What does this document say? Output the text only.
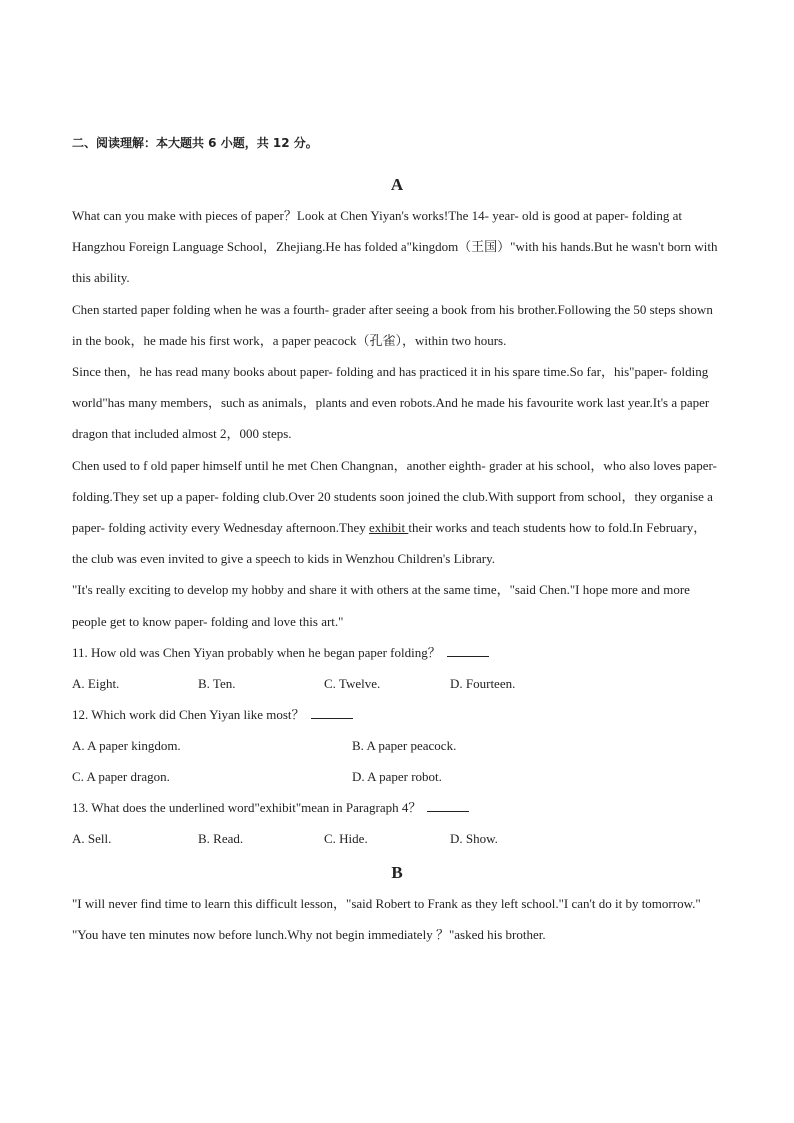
二、阅读理解：本大题共 6 小题，共 12 分。
A

What can you make with pieces of paper？Look at Chen Yiyan's works!The 14- year- old is good at paper- folding at Hangzhou Foreign Language School，Zhejiang.He has folded a"kingdom（王国）"with his hands.But he wasn't born with this ability.

Chen started paper folding when he was a fourth- grader after seeing a book from his brother.Following the 50 steps shown in the book，he made his first work，a paper peacock（孔雀），within two hours.

Since then，he has read many books about paper- folding and has practiced it in his spare time.So far，his"paper- folding world"has many members，such as animals，plants and even robots.And he made his favourite work last year.It's a paper dragon that included almost 2，000 steps.

Chen used to f old paper himself until he met Chen Changnan，another eighth- grader at his school，who also loves paper- folding.They set up a paper- folding club.Over 20 students soon joined the club.With support from school，they organise a paper- folding activity every Wednesday afternoon.They exhibit their works and teach students how to fold.In February，the club was even invited to give a speech to kids in Wenzhou Children's Library.

"It's really exciting to develop my hobby and share it with others at the same time，"said Chen."I hope more and more people get to know paper- folding and love this art."

11. How old was Chen Yiyan probably when he began paper folding？
A. Eight.	B. Ten.	C. Twelve.	D. Fourteen.
12. Which work did Chen Yiyan like most？
A. A paper kingdom.	B. A paper peacock.
C. A paper dragon.	D. A paper robot.
13. What does the underlined word"exhibit"mean in Paragraph 4？
A. Sell.	B. Read.	C. Hide.	D. Show.
B

"I will never find time to learn this difficult lesson，"said Robert to Frank as they left school."I can't do it by tomorrow."

"You have ten minutes now before lunch.Why not begin immediately ？"asked his brother.
